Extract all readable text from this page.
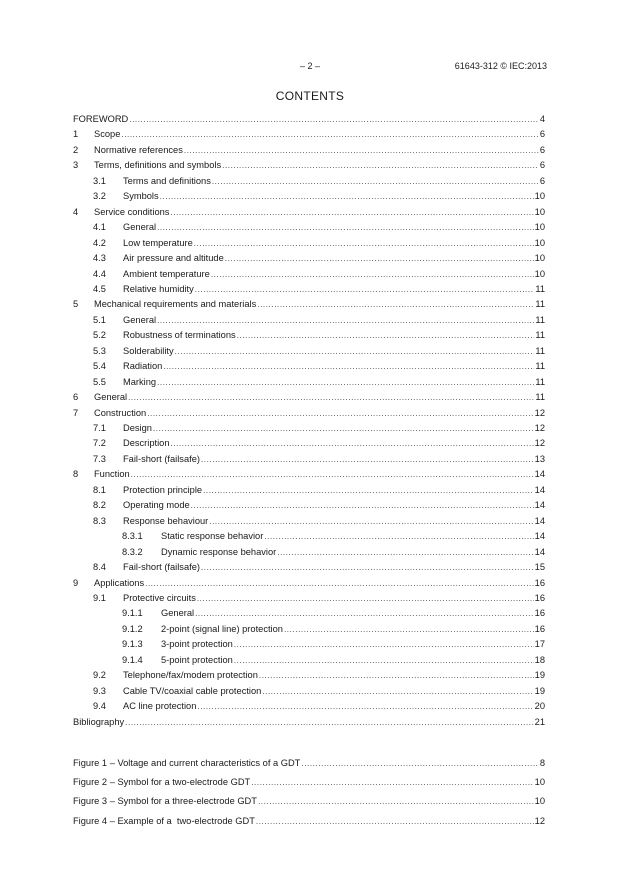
– 2 –	61643-312 © IEC:2013
CONTENTS
FOREWORD .....	4
1	Scope .....	6
2	Normative references .....	6
3	Terms, definitions and symbols .....	6
3.1	Terms and definitions .....	6
3.2	Symbols .....	10
4	Service conditions .....	10
4.1	General .....	10
4.2	Low temperature .....	10
4.3	Air pressure and altitude .....	10
4.4	Ambient temperature .....	10
4.5	Relative humidity .....	11
5	Mechanical requirements and materials .....	11
5.1	General .....	11
5.2	Robustness of terminations .....	11
5.3	Solderability .....	11
5.4	Radiation .....	11
5.5	Marking .....	11
6	General .....	11
7	Construction .....	12
7.1	Design .....	12
7.2	Description .....	12
7.3	Fail-short (failsafe) .....	13
8	Function .....	14
8.1	Protection principle .....	14
8.2	Operating mode .....	14
8.3	Response behaviour .....	14
8.3.1	Static response behavior .....	14
8.3.2	Dynamic response behavior .....	14
8.4	Fail-short (failsafe) .....	15
9	Applications .....	16
9.1	Protective circuits .....	16
9.1.1	General .....	16
9.1.2	2-point (signal line) protection .....	16
9.1.3	3-point protection .....	17
9.1.4	5-point protection .....	18
9.2	Telephone/fax/modem protection .....	19
9.3	Cable TV/coaxial cable protection .....	19
9.4	AC line protection .....	20
Bibliography .....	21
Figure 1 – Voltage and current characteristics of a GDT .....	8
Figure 2 – Symbol for a two-electrode GDT .....	10
Figure 3 – Symbol for a three-electrode GDT .....	10
Figure 4 – Example of a  two-electrode GDT .....	12
